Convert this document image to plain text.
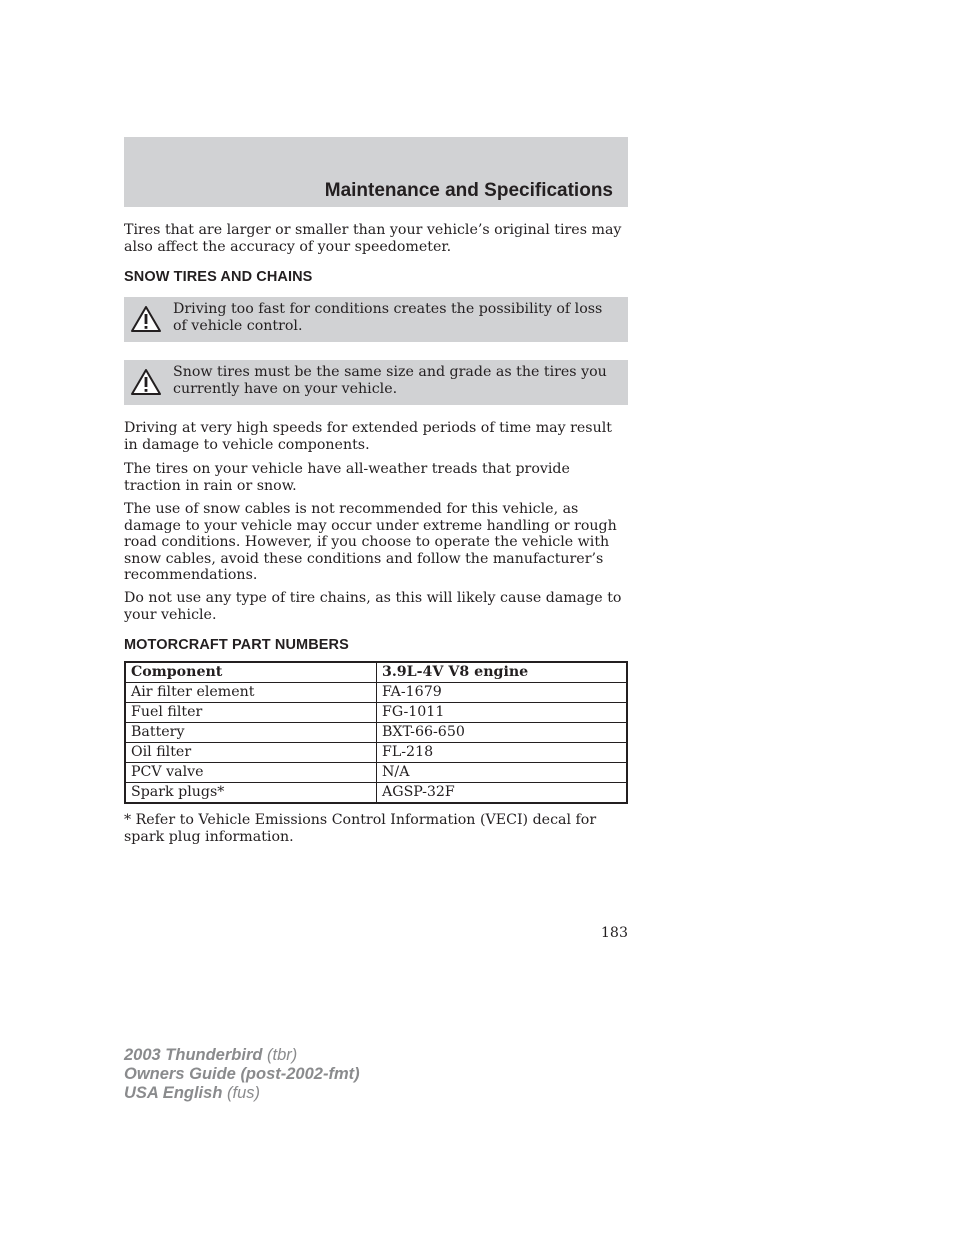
Maintenance and Specifications

Tires that are larger or smaller than your vehicle’s original tires may also affect the accuracy of your speedometer.

SNOW TIRES AND CHAINS

Driving too fast for conditions creates the possibility of loss of vehicle control.

Snow tires must be the same size and grade as the tires you currently have on your vehicle.

Driving at very high speeds for extended periods of time may result in damage to vehicle components.

The tires on your vehicle have all-weather treads that provide traction in rain or snow.

The use of snow cables is not recommended for this vehicle, as damage to your vehicle may occur under extreme handling or rough road conditions. However, if you choose to operate the vehicle with snow cables, avoid these conditions and follow the manufacturer’s recommendations.

Do not use any type of tire chains, as this will likely cause damage to your vehicle.

MOTORCRAFT PART NUMBERS
Component	3.9L-4V V8 engine
Air filter element	FA-1679
Fuel filter	FG-1011
Battery	BXT-66-650
Oil filter	FL-218
PCV valve	N/A
Spark plugs*	AGSP-32F

* Refer to Vehicle Emissions Control Information (VECI) decal for spark plug information.

183
2003 Thunderbird (tbr)
Owners Guide (post-2002-fmt)
USA English (fus)
